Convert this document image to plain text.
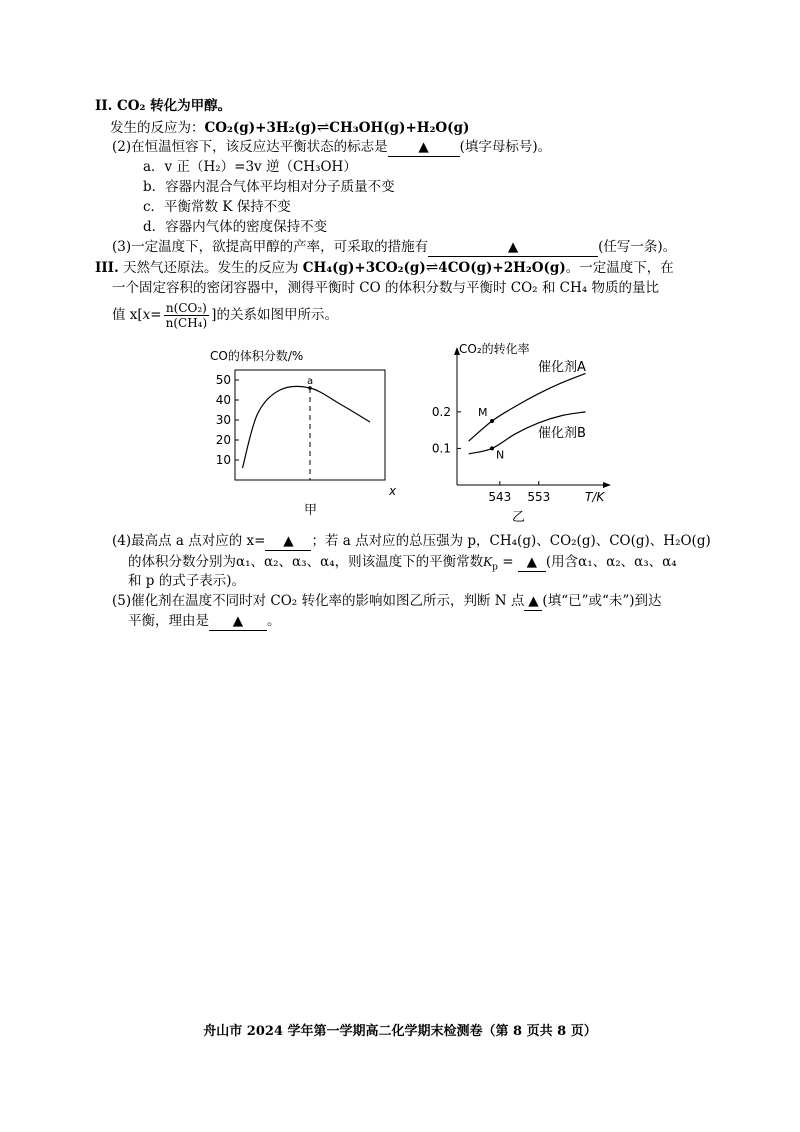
II. CO₂ 转化为甲醇。
发生的反应为：CO₂(g)+3H₂(g)⇌CH₃OH(g)+H₂O(g)
(2)在恒温恒容下，该反应达平衡状态的标志是 ▲ (填字母标号)。
a．v 正（H₂）=3v 逆（CH₃OH）
b．容器内混合气体平均相对分子质量不变
c．平衡常数 K 保持不变
d．容器内气体的密度保持不变
(3)一定温度下，欲提高甲醇的产率，可采取的措施有	▲	(任写一条)。
III. 天然气还原法。发生的反应为 CH₄(g)+3CO₂(g)⇌4CO(g)+2H₂O(g)。一定温度下，在
一个固定容积的密闭容器中，测得平衡时 CO 的体积分数与平衡时 CO₂ 和 CH₄ 物质的量比
值 $x[x= \frac{\text{n(CO₂)}}{\text{n(CH₄)}}$ ]的关系如图甲所示。
CO的体积分数/%
10
20
30
40
50	a
x
甲
CO₂的转化率
T/K
0.1
0.2
543 553
催化剂A
催化剂B
M
N
乙
(4)最高点 a 点对应的 x= ▲ ；若 a 点对应的总压强为 p，CH₄(g)、CO₂(g)、CO(g)、H₂O(g)
的体积分数分别为α₁、α₂、α₃、α₄，则该温度下的平衡常数$K_p$ = ▲ (用含α₁、α₂、α₃、α₄
和 p 的式子表示)。
(5)催化剂在温度不同时对 CO₂ 转化率的影响如图乙所示，判断 N 点 ▲ (填“已”或“未”)到达
平衡，理由是 ▲ 。
舟山市 2024 学年第一学期高二化学期末检测卷（第 8 页共 8 页）
